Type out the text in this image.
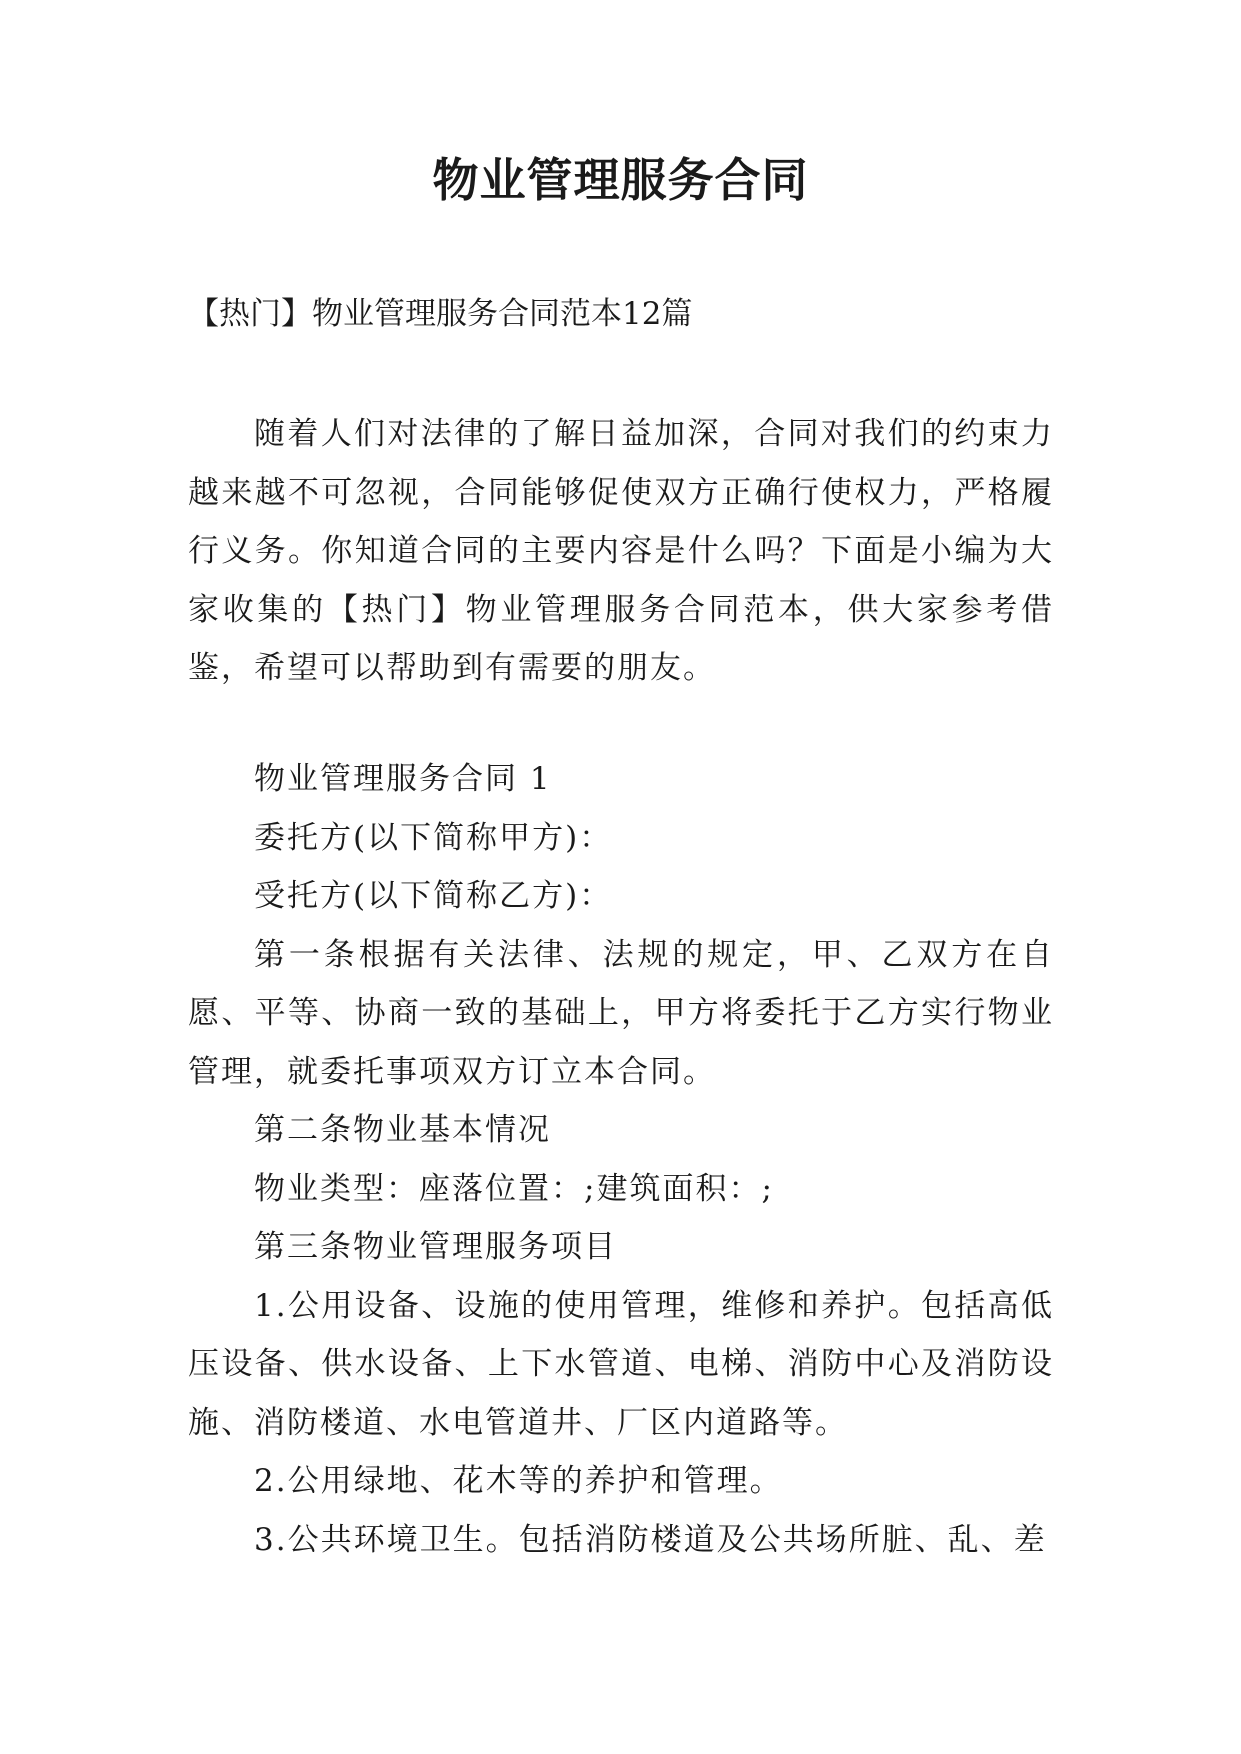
物业管理服务合同
【热门】物业管理服务合同范本12篇

随着人们对法律的了解日益加深，合同对我们的约束力越来越不可忽视，合同能够促使双方正确行使权力，严格履行义务。你知道合同的主要内容是什么吗？下面是小编为大家收集的【热门】物业管理服务合同范本，供大家参考借鉴，希望可以帮助到有需要的朋友。

物业管理服务合同 1

委托方(以下简称甲方)：

受托方(以下简称乙方)：

第一条根据有关法律、法规的规定，甲、乙双方在自愿、平等、协商一致的基础上，甲方将委托于乙方实行物业管理，就委托事项双方订立本合同。

第二条物业基本情况

物业类型：座落位置：;建筑面积：;

第三条物业管理服务项目

1.公用设备、设施的使用管理，维修和养护。包括高低压设备、供水设备、上下水管道、电梯、消防中心及消防设施、消防楼道、水电管道井、厂区内道路等。

2.公用绿地、花木等的养护和管理。

3.公共环境卫生。包括消防楼道及公共场所脏、乱、差
